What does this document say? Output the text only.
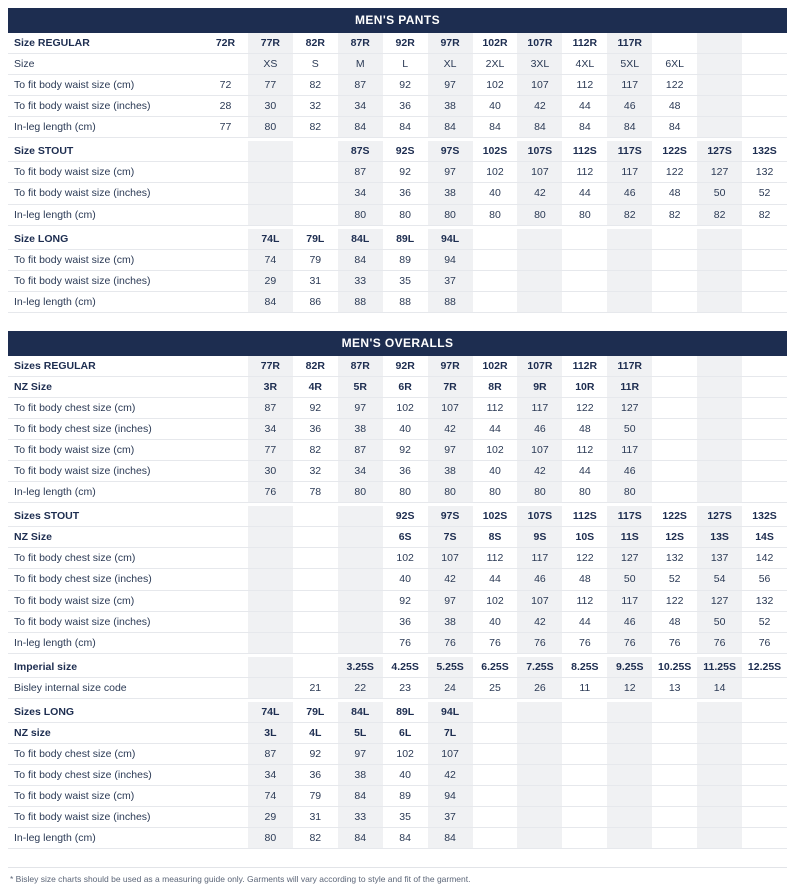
MEN'S PANTS
Size REGULAR	72R	77R	82R	87R	92R	97R	102R	107R	112R	117R			
Size		XS	S	M	L	XL	2XL	3XL	4XL	5XL	6XL		
To fit body waist size (cm)	72	77	82	87	92	97	102	107	112	117	122		
To fit body waist size (inches)	28	30	32	34	36	38	40	42	44	46	48		
In-leg length (cm)	77	80	82	84	84	84	84	84	84	84	84		

Size STOUT				87S	92S	97S	102S	107S	112S	117S	122S	127S	132S
To fit body waist size (cm)				87	92	97	102	107	112	117	122	127	132
To fit body waist size (inches)				34	36	38	40	42	44	46	48	50	52
In-leg length (cm)				80	80	80	80	80	80	82	82	82	82

Size LONG		74L	79L	84L	89L	94L							
To fit body waist size (cm)		74	79	84	89	94							
To fit body waist size (inches)		29	31	33	35	37							
In-leg length (cm)		84	86	88	88	88							
MEN'S OVERALLS
Sizes REGULAR		77R	82R	87R	92R	97R	102R	107R	112R	117R			
NZ Size		3R	4R	5R	6R	7R	8R	9R	10R	11R			
To fit body chest size (cm)		87	92	97	102	107	112	117	122	127			
To fit body chest size (inches)		34	36	38	40	42	44	46	48	50			
To fit body waist size (cm)		77	82	87	92	97	102	107	112	117			
To fit body waist size (inches)		30	32	34	36	38	40	42	44	46			
In-leg length (cm)		76	78	80	80	80	80	80	80	80			

Sizes STOUT					92S	97S	102S	107S	112S	117S	122S	127S	132S
NZ Size					6S	7S	8S	9S	10S	11S	12S	13S	14S
To fit body chest size (cm)					102	107	112	117	122	127	132	137	142
To fit body chest size (inches)					40	42	44	46	48	50	52	54	56
To fit body waist size (cm)					92	97	102	107	112	117	122	127	132
To fit body waist size (inches)					36	38	40	42	44	46	48	50	52
In-leg length (cm)					76	76	76	76	76	76	76	76	76

Imperial size				3.25S	4.25S	5.25S	6.25S	7.25S	8.25S	9.25S	10.25S	11.25S	12.25S
Bisley internal size code			21	22	23	24	25	26	11	12	13	14	

Sizes LONG		74L	79L	84L	89L	94L							
NZ size		3L	4L	5L	6L	7L							
To fit body chest size (cm)		87	92	97	102	107							
To fit body chest size (inches)		34	36	38	40	42							
To fit body waist size (cm)		74	79	84	89	94							
To fit body waist size (inches)		29	31	33	35	37							
In-leg length (cm)		80	82	84	84	84							
* Bisley size charts should be used as a measuring guide only. Garments will vary according to style and fit of the garment.
